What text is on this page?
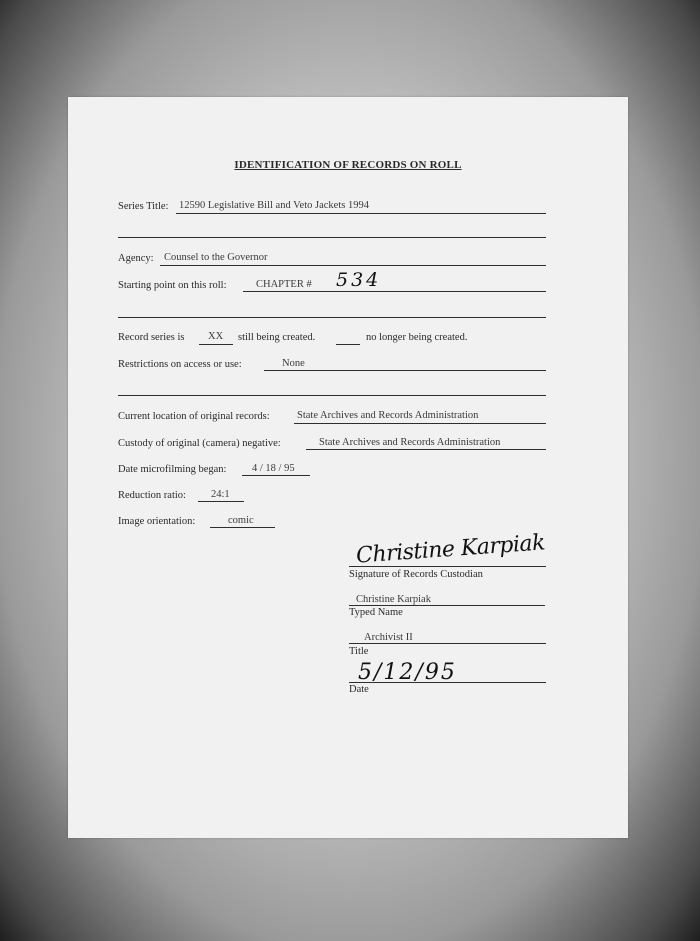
IDENTIFICATION OF RECORDS ON ROLL
Series Title: 12590 Legislative Bill and Veto Jackets 1994
Agency: Counsel to the Governor
Starting point on this roll:	CHAPTER # 534
Record series is XX still being created.	no longer being created.
Restrictions on access or use:	None
Current location of original records:	State Archives and Records Administration
Custody of original (camera) negative:	State Archives and Records Administration
Date microfilming began: 4 / 18 / 95
Reduction ratio: 24:1
Image orientation:	comic
Christine Karpiak
Signature of Records Custodian
Christine Karpiak
Typed Name
Archivist II
Title
5/12/95
Date
